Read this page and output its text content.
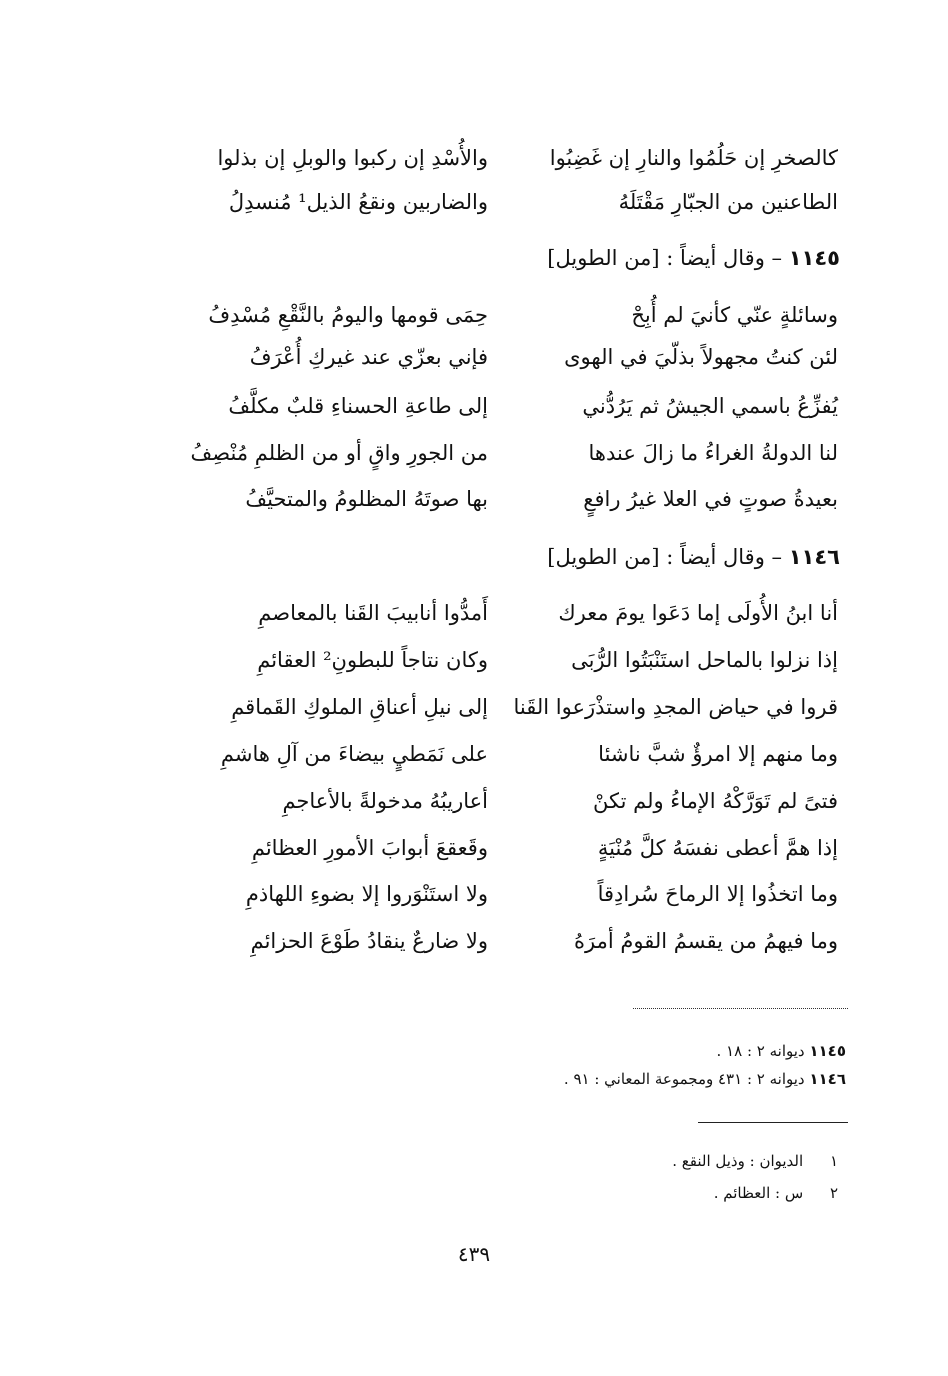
كالصخرِ إن حَلُمُوا والنارِ إن غَضِبُوا
والأُسْدِ إن ركبوا والوبلِ إن بذلوا
الطاعنين من الجبّارِ مَقْتَلَهُ
والضاربين ونقعُ الذيل¹ مُنسدِلُ
١١٤٥ – وقال أيضاً : [من الطويل]
وسائلةٍ عنّي كأنيَ لم أُبِحْ
حِمَى قومها واليومُ بالنَّقْعِ مُسْدِفُ
لئن كنتُ مجهولاً بذلّيَ في الهوى
فإني بعزّي عند غيركِ أُعْرَفُ
يُفزِّعُ باسمي الجيشُ ثم يَرُدُّني
إلى طاعةِ الحسناءِ قلبٌ مكلَّفُ
لنا الدولةُ الغراءُ ما زالَ عندها
من الجورِ واقٍ أو من الظلمِ مُنْصِفُ
بعيدةُ صوتٍ في العلا غيرُ رافعٍ
بها صوتَهُ المظلومُ والمتحيَّفُ
١١٤٦ – وقال أيضاً : [من الطويل]
أنا ابنُ الأُولَى إما دَعَوا يومَ معرك
أَمدُّوا أنابيبَ القَنا بالمعاصمِ
إذا نزلوا بالماحل استَنْبَتُوا الرُّبَى
وكان نتاجاً للبطونِ² العقائمِ
قروا في حياض المجدِ واستذْرَعوا القَنا
إلى نيلِ أعناقِ الملوكِ القَماقمِ
وما منهم إلا امرؤٌ شبَّ ناشئا
على نَمَطيٍ بيضاءَ من آلِ هاشمِ
فتىً لم تَوَرَّكْهُ الإماءُ ولم تكنْ
أعاريبُهُ مدخولةً بالأعاجمِ
إذا همَّ أعطى نفسَهُ كلَّ مُنْيَةٍ
وقَعقعَ أبوابَ الأمورِ العظائمِ
وما اتخذُوا إلا الرماحَ سُرادِقاً
ولا استَنْوَروا إلا بضوءِ اللهاذمِ
وما فيهمُ من يقسمُ القومُ أمرَهُ
ولا ضارعٌ ينقادُ طَوْعَ الحزائمِ
١١٤٥ ديوانه ٢ : ١٨ .
١١٤٦ ديوانه ٢ : ٤٣١ ومجموعة المعاني : ٩١ .
١ الديوان : وذيل النقع .
٢ س : العظائم .
٤٣٩
